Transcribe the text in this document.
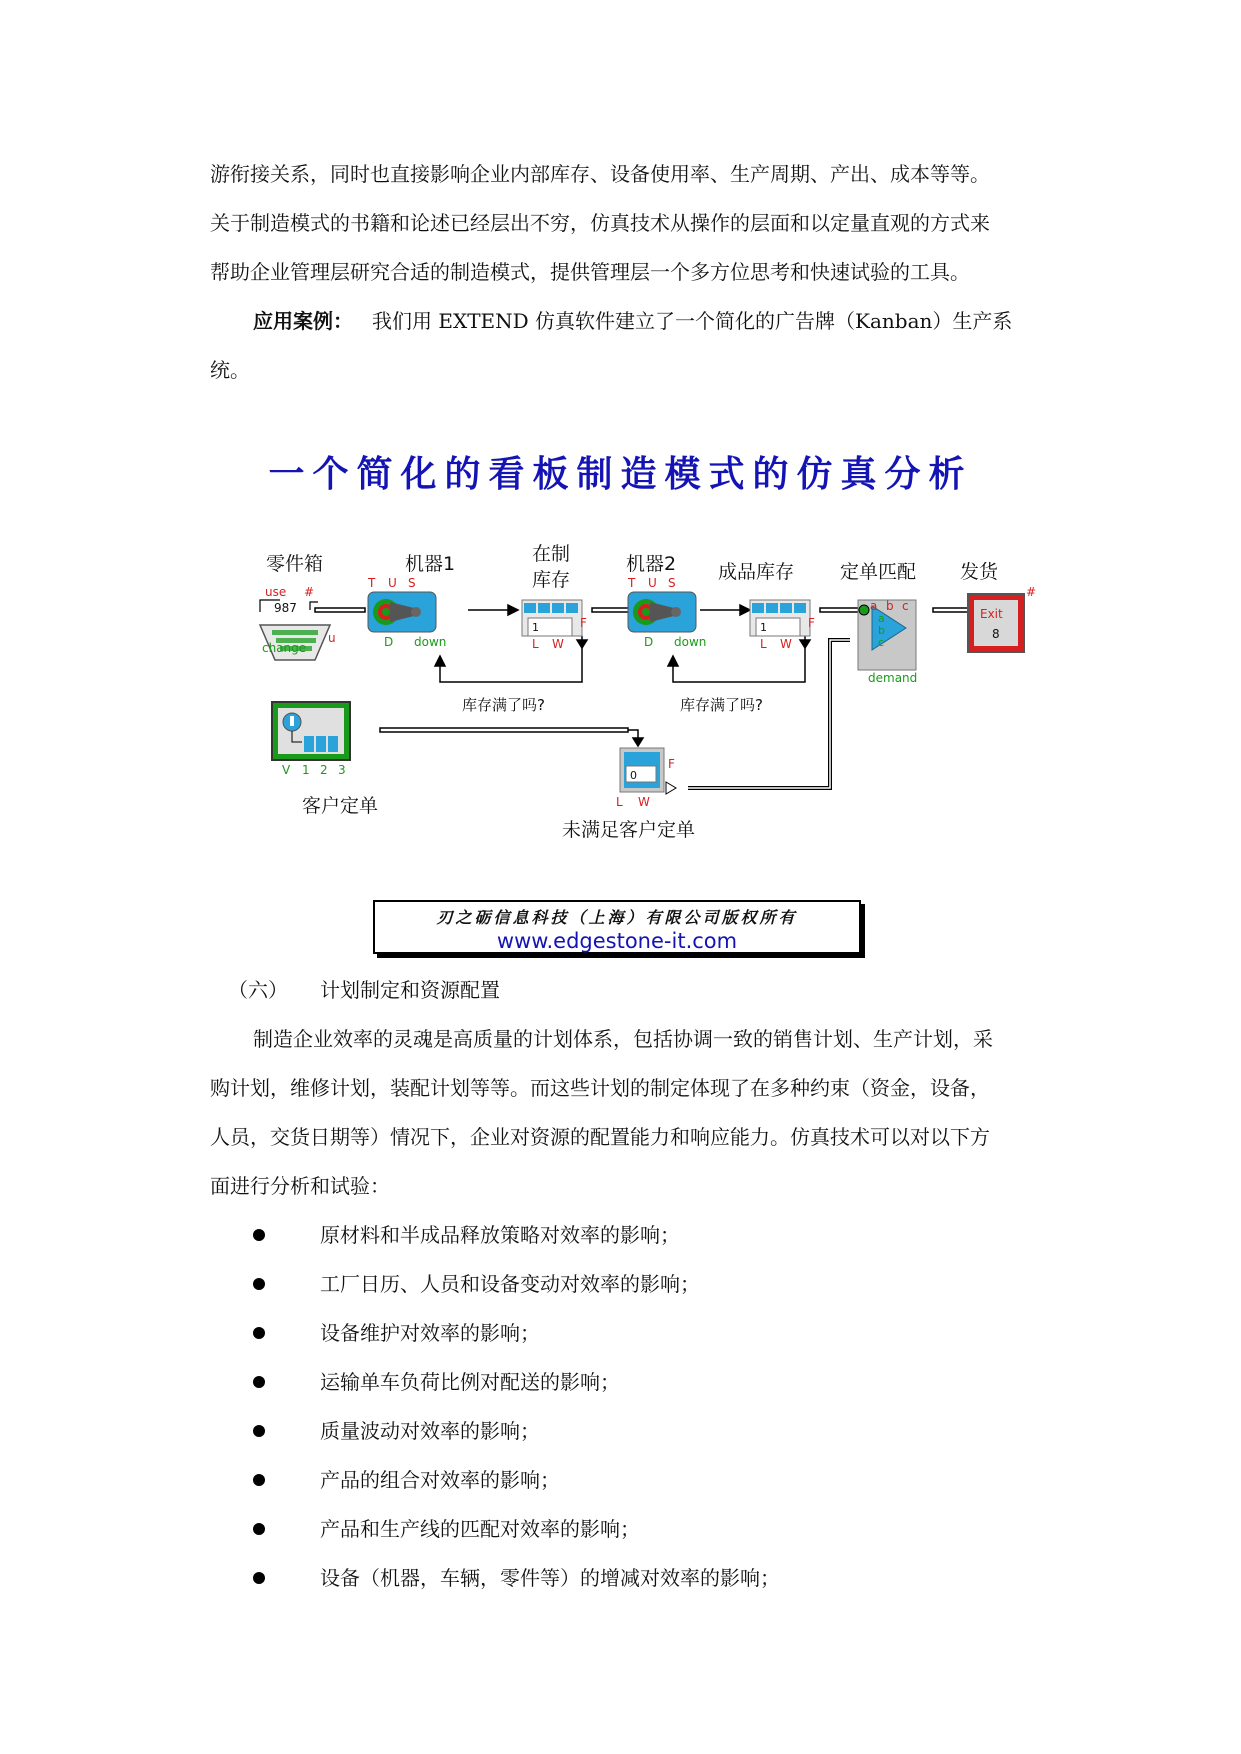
游衔接关系，同时也直接影响企业内部库存、设备使用率、生产周期、产出、成本等等。
关于制造模式的书籍和论述已经层出不穷，仿真技术从操作的层面和以定量直观的方式来
帮助企业管理层研究合适的制造模式，提供管理层一个多方位思考和快速试验的工具。
应用案例： 我们用 EXTEND 仿真软件建立了一个简化的广告牌（Kanban）生产系
统。
一个简化的看板制造模式的仿真分析
零件箱	机器1	在制
库存
机器2 成品库存 定单匹配 发货
库存满了吗?	库存满了吗?
客户定单
未满足客户定单
use #
987
u
change
T U S
D down
1	F
L W
T U S
D down
1	F
L W
a b c
a
b
c
demand
Exit
8
#
V 1 2 3	0
F
L W
刃之砺信息科技（上海）有限公司版权所有
www.edgestone-it.com
（六） 计划制定和资源配置
制造企业效率的灵魂是高质量的计划体系，包括协调一致的销售计划、生产计划，采
购计划，维修计划，装配计划等等。而这些计划的制定体现了在多种约束（资金，设备，
人员，交货日期等）情况下，企业对资源的配置能力和响应能力。仿真技术可以对以下方
面进行分析和试验：
原材料和半成品释放策略对效率的影响；
工厂日历、人员和设备变动对效率的影响；
设备维护对效率的影响；
运输单车负荷比例对配送的影响；
质量波动对效率的影响；
产品的组合对效率的影响；
产品和生产线的匹配对效率的影响；
设备（机器，车辆，零件等）的增减对效率的影响；
